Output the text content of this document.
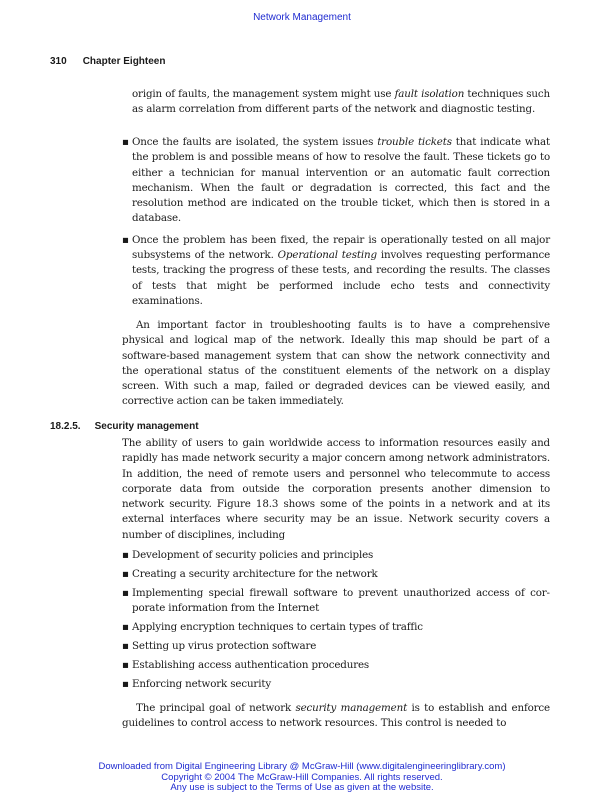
Network Management
310 Chapter Eighteen

origin of faults, the management system might use fault isolation techniques such as alarm correlation from different parts of the network and diagnostic testing.

▪ Once the faults are isolated, the system issues trouble tickets that indicate what the problem is and possible means of how to resolve the fault. These tickets go to either a technician for manual intervention or an automatic fault correction mechanism. When the fault or degradation is corrected, this fact and the resolution method are indicated on the trouble ticket, which then is stored in a database.
▪ Once the problem has been fixed, the repair is operationally tested on all major subsystems of the network. Operational testing involves requesting performance tests, tracking the progress of these tests, and recording the results. The classes of tests that might be performed include echo tests and connectivity examinations.

An important factor in troubleshooting faults is to have a comprehensive physical and logical map of the network. Ideally this map should be part of a software-based management system that can show the network connectivity and the operational status of the constituent elements of the network on a display screen. With such a map, failed or degraded devices can be viewed easily, and corrective action can be taken immediately.

18.2.5. Security management

The ability of users to gain worldwide access to information resources easily and rapidly has made network security a major concern among network administrators. In addition, the need of remote users and personnel who telecommute to access corporate data from outside the corporation presents another dimension to network security. Figure 18.3 shows some of the points in a network and at its external interfaces where security may be an issue. Network security covers a number of disciplines, including

▪ Development of security policies and principles
▪ Creating a security architecture for the network
▪ Implementing special firewall software to prevent unauthorized access of corporate information from the Internet
▪ Applying encryption techniques to certain types of traffic
▪ Setting up virus protection software
▪ Establishing access authentication procedures
▪ Enforcing network security

The principal goal of network security management is to establish and enforce guidelines to control access to network resources. This control is needed to

Downloaded from Digital Engineering Library @ McGraw-Hill (www.digitalengineeringlibrary.com)
Copyright © 2004 The McGraw-Hill Companies. All rights reserved.
Any use is subject to the Terms of Use as given at the website.
